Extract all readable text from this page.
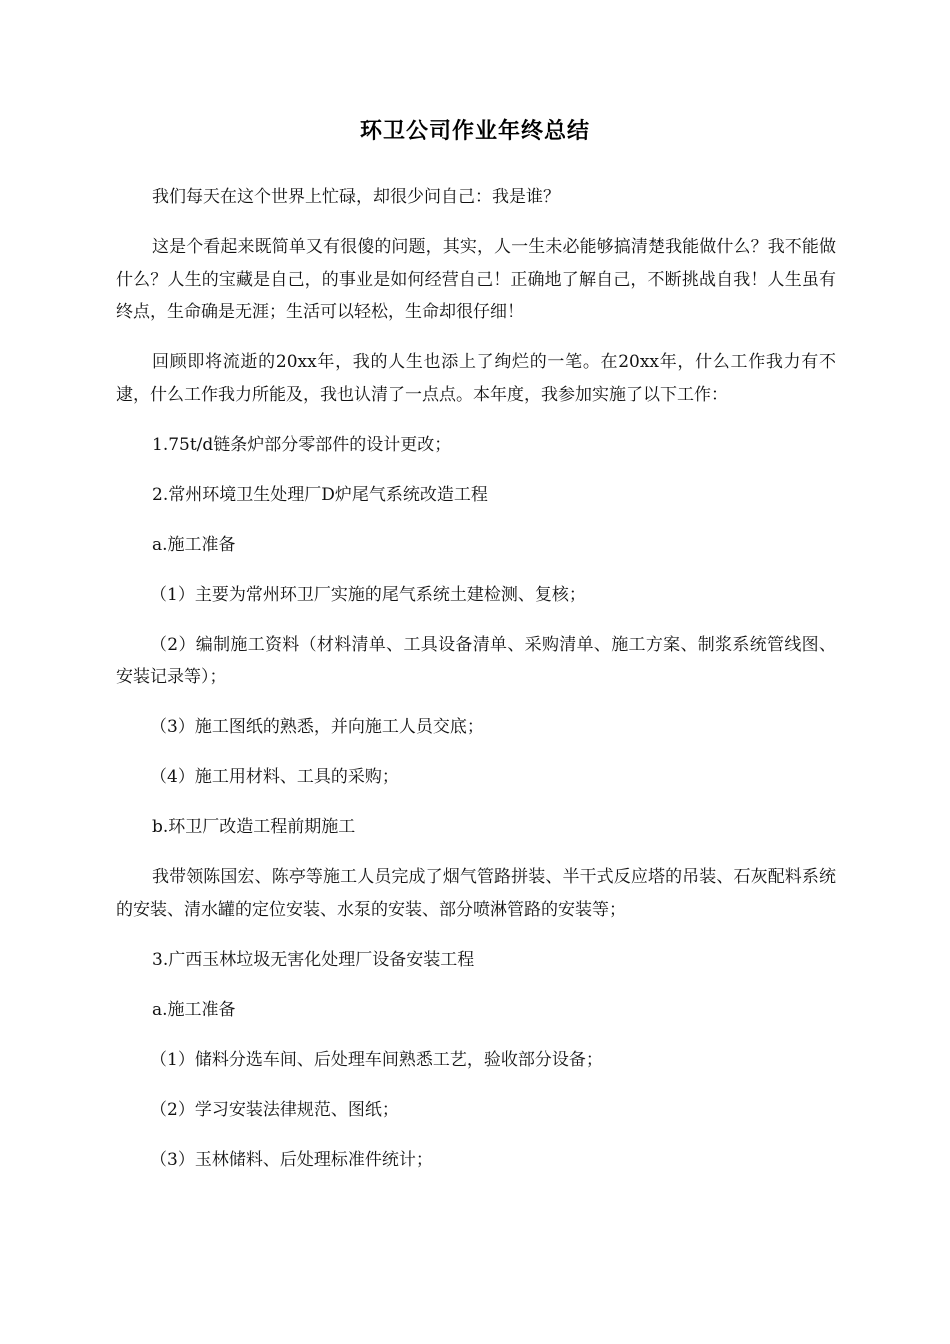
环卫公司作业年终总结

我们每天在这个世界上忙碌，却很少问自己：我是谁？

这是个看起来既简单又有很傻的问题，其实，人一生未必能够搞清楚我能做什么？我不能做什么？人生的宝藏是自己，的事业是如何经营自己！正确地了解自己，不断挑战自我！人生虽有终点，生命确是无涯；生活可以轻松，生命却很仔细！

回顾即将流逝的20xx年，我的人生也添上了绚烂的一笔。在20xx年，什么工作我力有不逮，什么工作我力所能及，我也认清了一点点。本年度，我参加实施了以下工作：

1.75t/d链条炉部分零部件的设计更改；

2.常州环境卫生处理厂D炉尾气系统改造工程

a.施工准备

（1）主要为常州环卫厂实施的尾气系统土建检测、复核；

（2）编制施工资料（材料清单、工具设备清单、采购清单、施工方案、制浆系统管线图、安装记录等）；

（3）施工图纸的熟悉，并向施工人员交底；

（4）施工用材料、工具的采购；

b.环卫厂改造工程前期施工

我带领陈国宏、陈亭等施工人员完成了烟气管路拼装、半干式反应塔的吊装、石灰配料系统的安装、清水罐的定位安装、水泵的安装、部分喷淋管路的安装等；

3.广西玉林垃圾无害化处理厂设备安装工程

a.施工准备

（1）储料分选车间、后处理车间熟悉工艺，验收部分设备；

（2）学习安装法律规范、图纸；

（3）玉林储料、后处理标准件统计；
